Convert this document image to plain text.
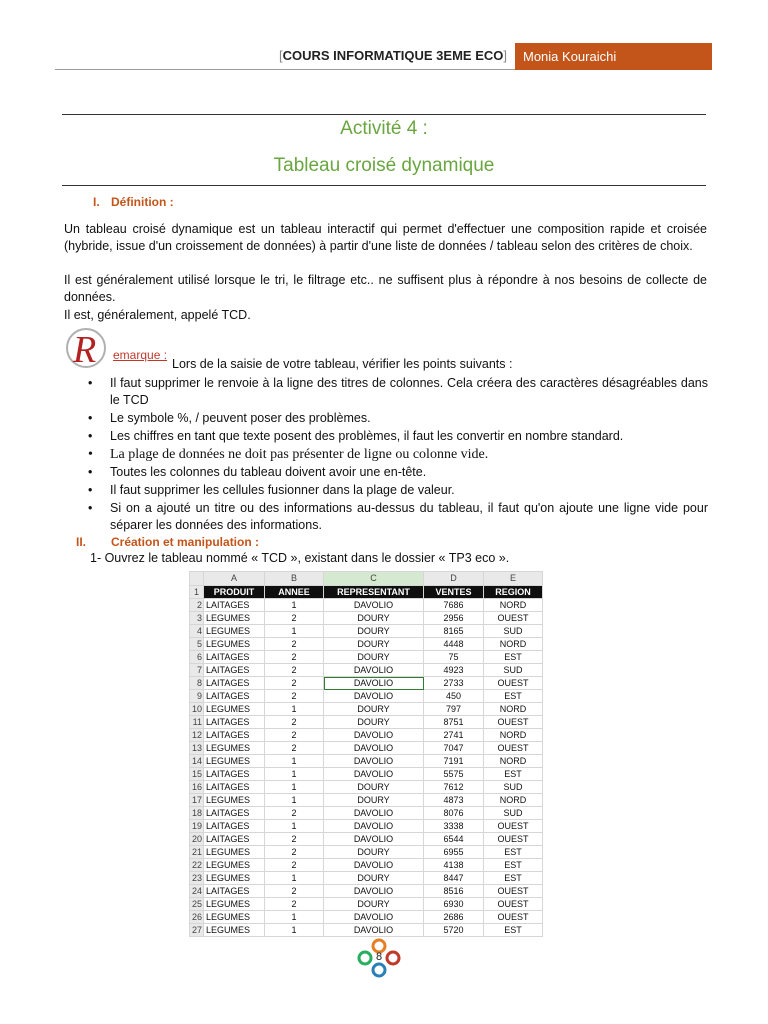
[COURS INFORMATIQUE 3EME ECO]	Monia Kouraichi
Activité 4 :
Tableau croisé dynamique
I. Définition :
Un tableau croisé dynamique est un tableau interactif qui permet d'effectuer une composition rapide et croisée (hybride, issue d'un croissement de données) à partir d'une liste de données / tableau selon des critères de choix.
Il est généralement utilisé lorsque le tri, le filtrage etc.. ne suffisent plus à répondre à nos besoins de collecte de données.
Il est, généralement, appelé TCD.
R emarque :
Lors de la saisie de votre tableau, vérifier les points suivants :
• Il faut supprimer le renvoie à la ligne des titres de colonnes. Cela créera des caractères désagréables dans le TCD
• Le symbole %, / peuvent poser des problèmes.
• Les chiffres en tant que texte posent des problèmes, il faut les convertir en nombre standard.
• La plage de données ne doit pas présenter de ligne ou colonne vide.
• Toutes les colonnes du tableau doivent avoir une en-tête.
• Il faut supprimer les cellules fusionner dans la plage de valeur.
• Si on a ajouté un titre ou des informations au-dessus du tableau, il faut qu'on ajoute une ligne vide pour séparer les données des informations.
II. Création et manipulation :
1- Ouvrez le tableau nommé « TCD », existant dans le dossier « TP3 eco ».
	A	B	C	D	E
1	PRODUIT	ANNEE	REPRESENTANT	VENTES	REGION
2	LAITAGES	1	DAVOLIO	7686	NORD
3	LEGUMES	2	DOURY	2956	OUEST
4	LEGUMES	1	DOURY	8165	SUD
5	LEGUMES	2	DOURY	4448	NORD
6	LAITAGES	2	DOURY	75	EST
7	LAITAGES	2	DAVOLIO	4923	SUD
8	LAITAGES	2	DAVOLIO	2733	OUEST
9	LAITAGES	2	DAVOLIO	450	EST
10	LEGUMES	1	DOURY	797	NORD
11	LAITAGES	2	DOURY	8751	OUEST
12	LAITAGES	2	DAVOLIO	2741	NORD
13	LEGUMES	2	DAVOLIO	7047	OUEST
14	LEGUMES	1	DAVOLIO	7191	NORD
15	LAITAGES	1	DAVOLIO	5575	EST
16	LAITAGES	1	DOURY	7612	SUD
17	LEGUMES	1	DOURY	4873	NORD
18	LAITAGES	2	DAVOLIO	8076	SUD
19	LAITAGES	1	DAVOLIO	3338	OUEST
20	LAITAGES	2	DAVOLIO	6544	OUEST
21	LEGUMES	2	DOURY	6955	EST
22	LEGUMES	2	DAVOLIO	4138	EST
23	LEGUMES	1	DOURY	8447	EST
24	LAITAGES	2	DAVOLIO	8516	OUEST
25	LEGUMES	2	DOURY	6930	OUEST
26	LEGUMES	1	DAVOLIO	2686	OUEST
27	LEGUMES	1	DAVOLIO	5720	EST
8
